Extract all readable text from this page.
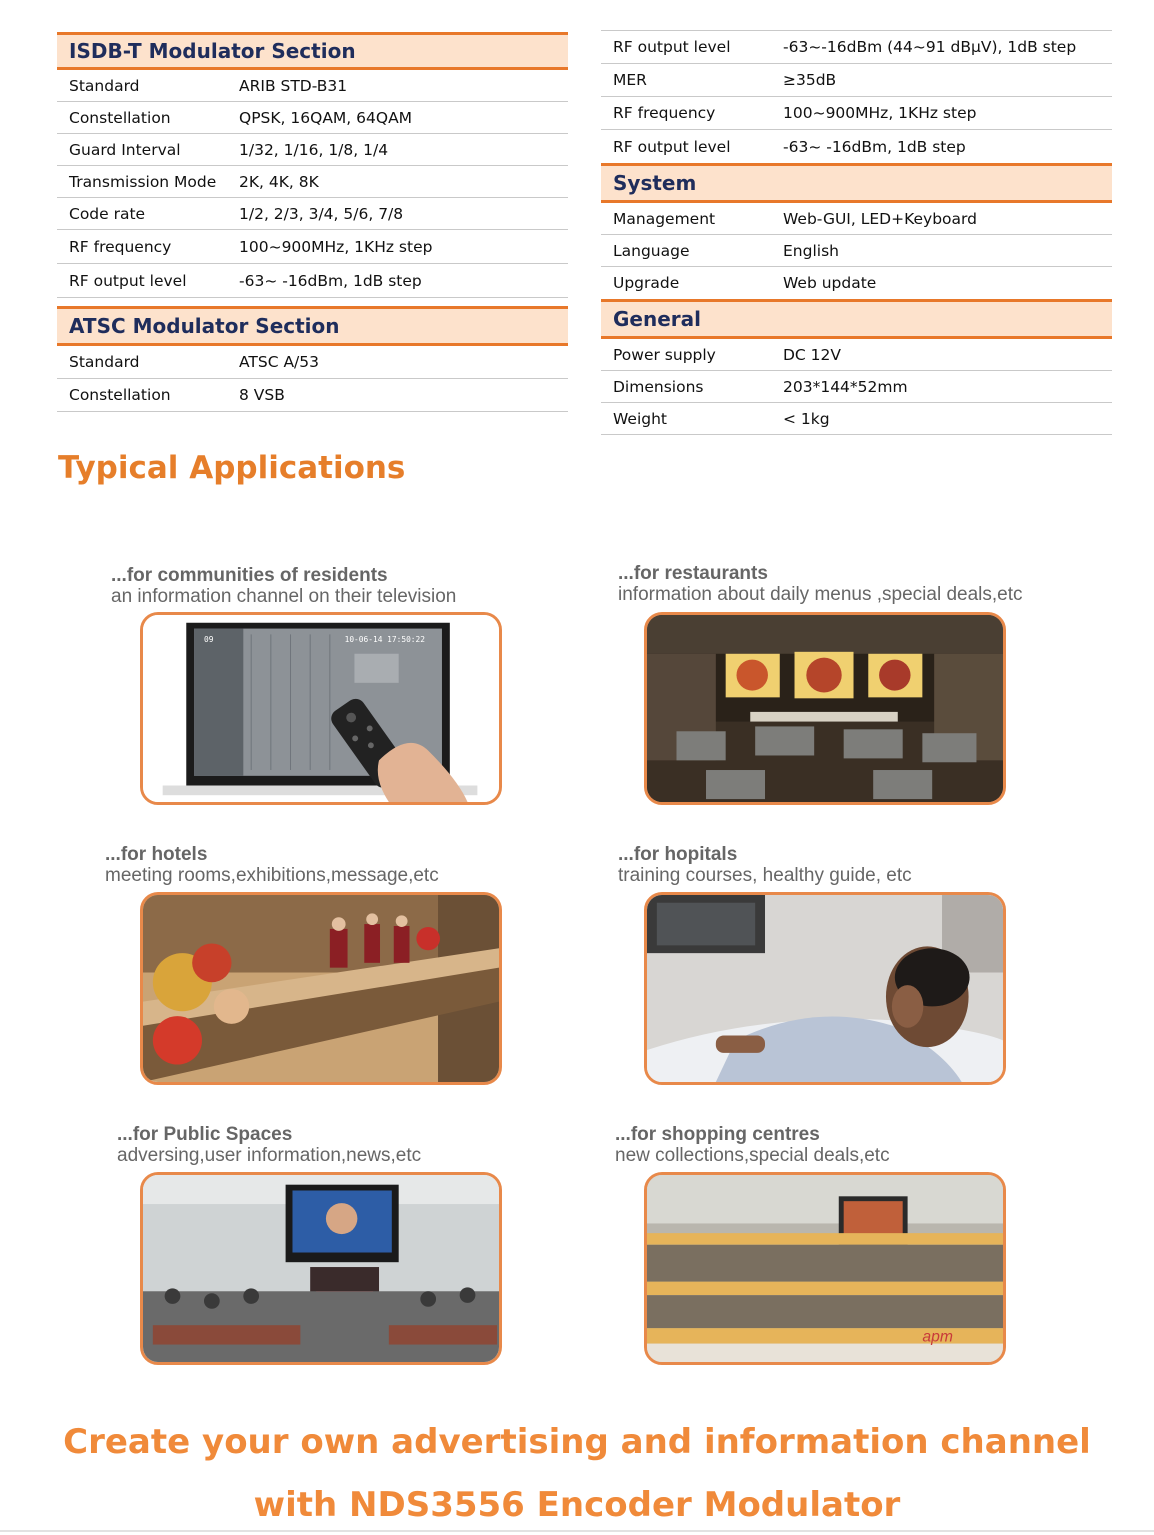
ISDB-T Modulator Section
Standard	ARIB STD-B31
Constellation	QPSK, 16QAM, 64QAM
Guard Interval	1/32, 1/16, 1/8, 1/4
Transmission Mode	2K, 4K, 8K
Code rate	1/2, 2/3, 3/4, 5/6, 7/8
RF frequency	100~900MHz, 1KHz step
RF output level	-63~ -16dBm, 1dB step
ATSC Modulator Section
Standard	ATSC A/53
Constellation	8 VSB
RF output level	-63~-16dBm (44~91 dBµV), 1dB step
MER	≥35dB
RF frequency	100~900MHz, 1KHz step
RF output level	-63~ -16dBm, 1dB step
System
Management	Web-GUI, LED+Keyboard
Language	English
Upgrade	Web update
General
Power supply	DC 12V
Dimensions	203*144*52mm
Weight	< 1kg
Typical Applications
...for communities of residents
an information channel on their television
09	10-06-14 17:50:22
...for restaurants
information about daily menus ,special deals,etc
...for hotels
meeting rooms,exhibitions,message,etc
...for hopitals
training courses, healthy guide, etc
...for Public Spaces
adversing,user information,news,etc
...for shopping centres
new collections,special deals,etc
apm
Create your own advertising and information channel
with NDS3556 Encoder Modulator
